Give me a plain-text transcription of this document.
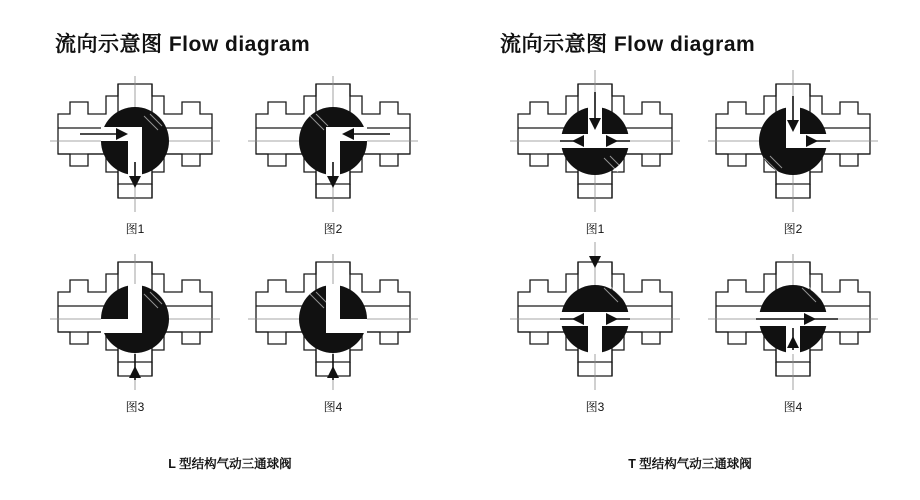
流向示意图 Flow diagram
图1	图2
图3	图4
L 型结构气动三通球阀
流向示意图 Flow diagram
图1	图2
图3	图4
T 型结构气动三通球阀
